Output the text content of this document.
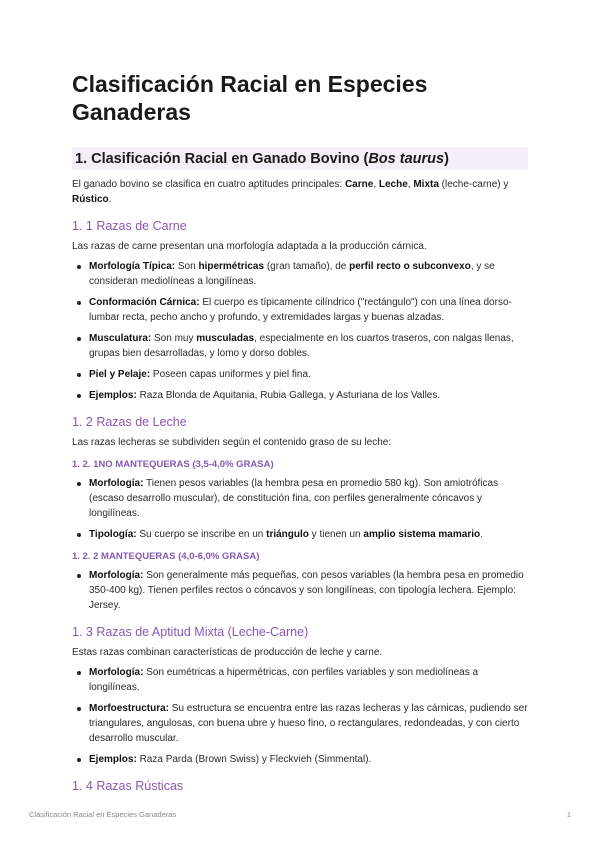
Clasificación Racial en Especies Ganaderas
1. Clasificación Racial en Ganado Bovino (Bos taurus)

El ganado bovino se clasifica en cuatro aptitudes principales: Carne, Leche, Mixta (leche-carne) y Rústico.

1. 1 Razas de Carne

Las razas de carne presentan una morfología adaptada a la producción cárnica.

Morfología Típica: Son hipermétricas (gran tamaño), de perfil recto o subconvexo, y se consideran mediolíneas a longilíneas.
Conformación Cárnica: El cuerpo es típicamente cilíndrico ("rectángulo") con una línea dorso-lumbar recta, pecho ancho y profundo, y extremidades largas y buenas alzadas.
Musculatura: Son muy musculadas, especialmente en los cuartos traseros, con nalgas llenas, grupas bien desarrolladas, y lomo y dorso dobles.
Piel y Pelaje: Poseen capas uniformes y piel fina.
Ejemplos: Raza Blonda de Aquitania, Rubia Gallega, y Asturiana de los Valles.
1. 2 Razas de Leche

Las razas lecheras se subdividen según el contenido graso de su leche:

1. 2. 1NO MANTEQUERAS (3,5-4,0% GRASA)
Morfología: Tienen pesos variables (la hembra pesa en promedio 580 kg). Son amiotróficas (escaso desarrollo muscular), de constitución fina, con perfiles generalmente cóncavos y longilíneas.
Tipología: Su cuerpo se inscribe en un triángulo y tienen un amplio sistema mamario.
1. 2. 2 MANTEQUERAS (4,0-6,0% GRASA)
Morfología: Son generalmente más pequeñas, con pesos variables (la hembra pesa en promedio 350-400 kg). Tienen perfiles rectos o cóncavos y son longilíneas, con tipología lechera. Ejemplo: Jersey.
1. 3 Razas de Aptitud Mixta (Leche-Carne)

Estas razas combinan características de producción de leche y carne.

Morfología: Son eumétricas a hipermétricas, con perfiles variables y son mediolíneas a longilíneas.
Morfoestructura: Su estructura se encuentra entre las razas lecheras y las cárnicas, pudiendo ser triangulares, angulosas, con buena ubre y hueso fino, o rectangulares, redondeadas, y con cierto desarrollo muscular.
Ejemplos: Raza Parda (Brown Swiss) y Fleckvieh (Simmental).
1. 4 Razas Rústicas
Clasificación Racial en Especies Ganaderas	1
